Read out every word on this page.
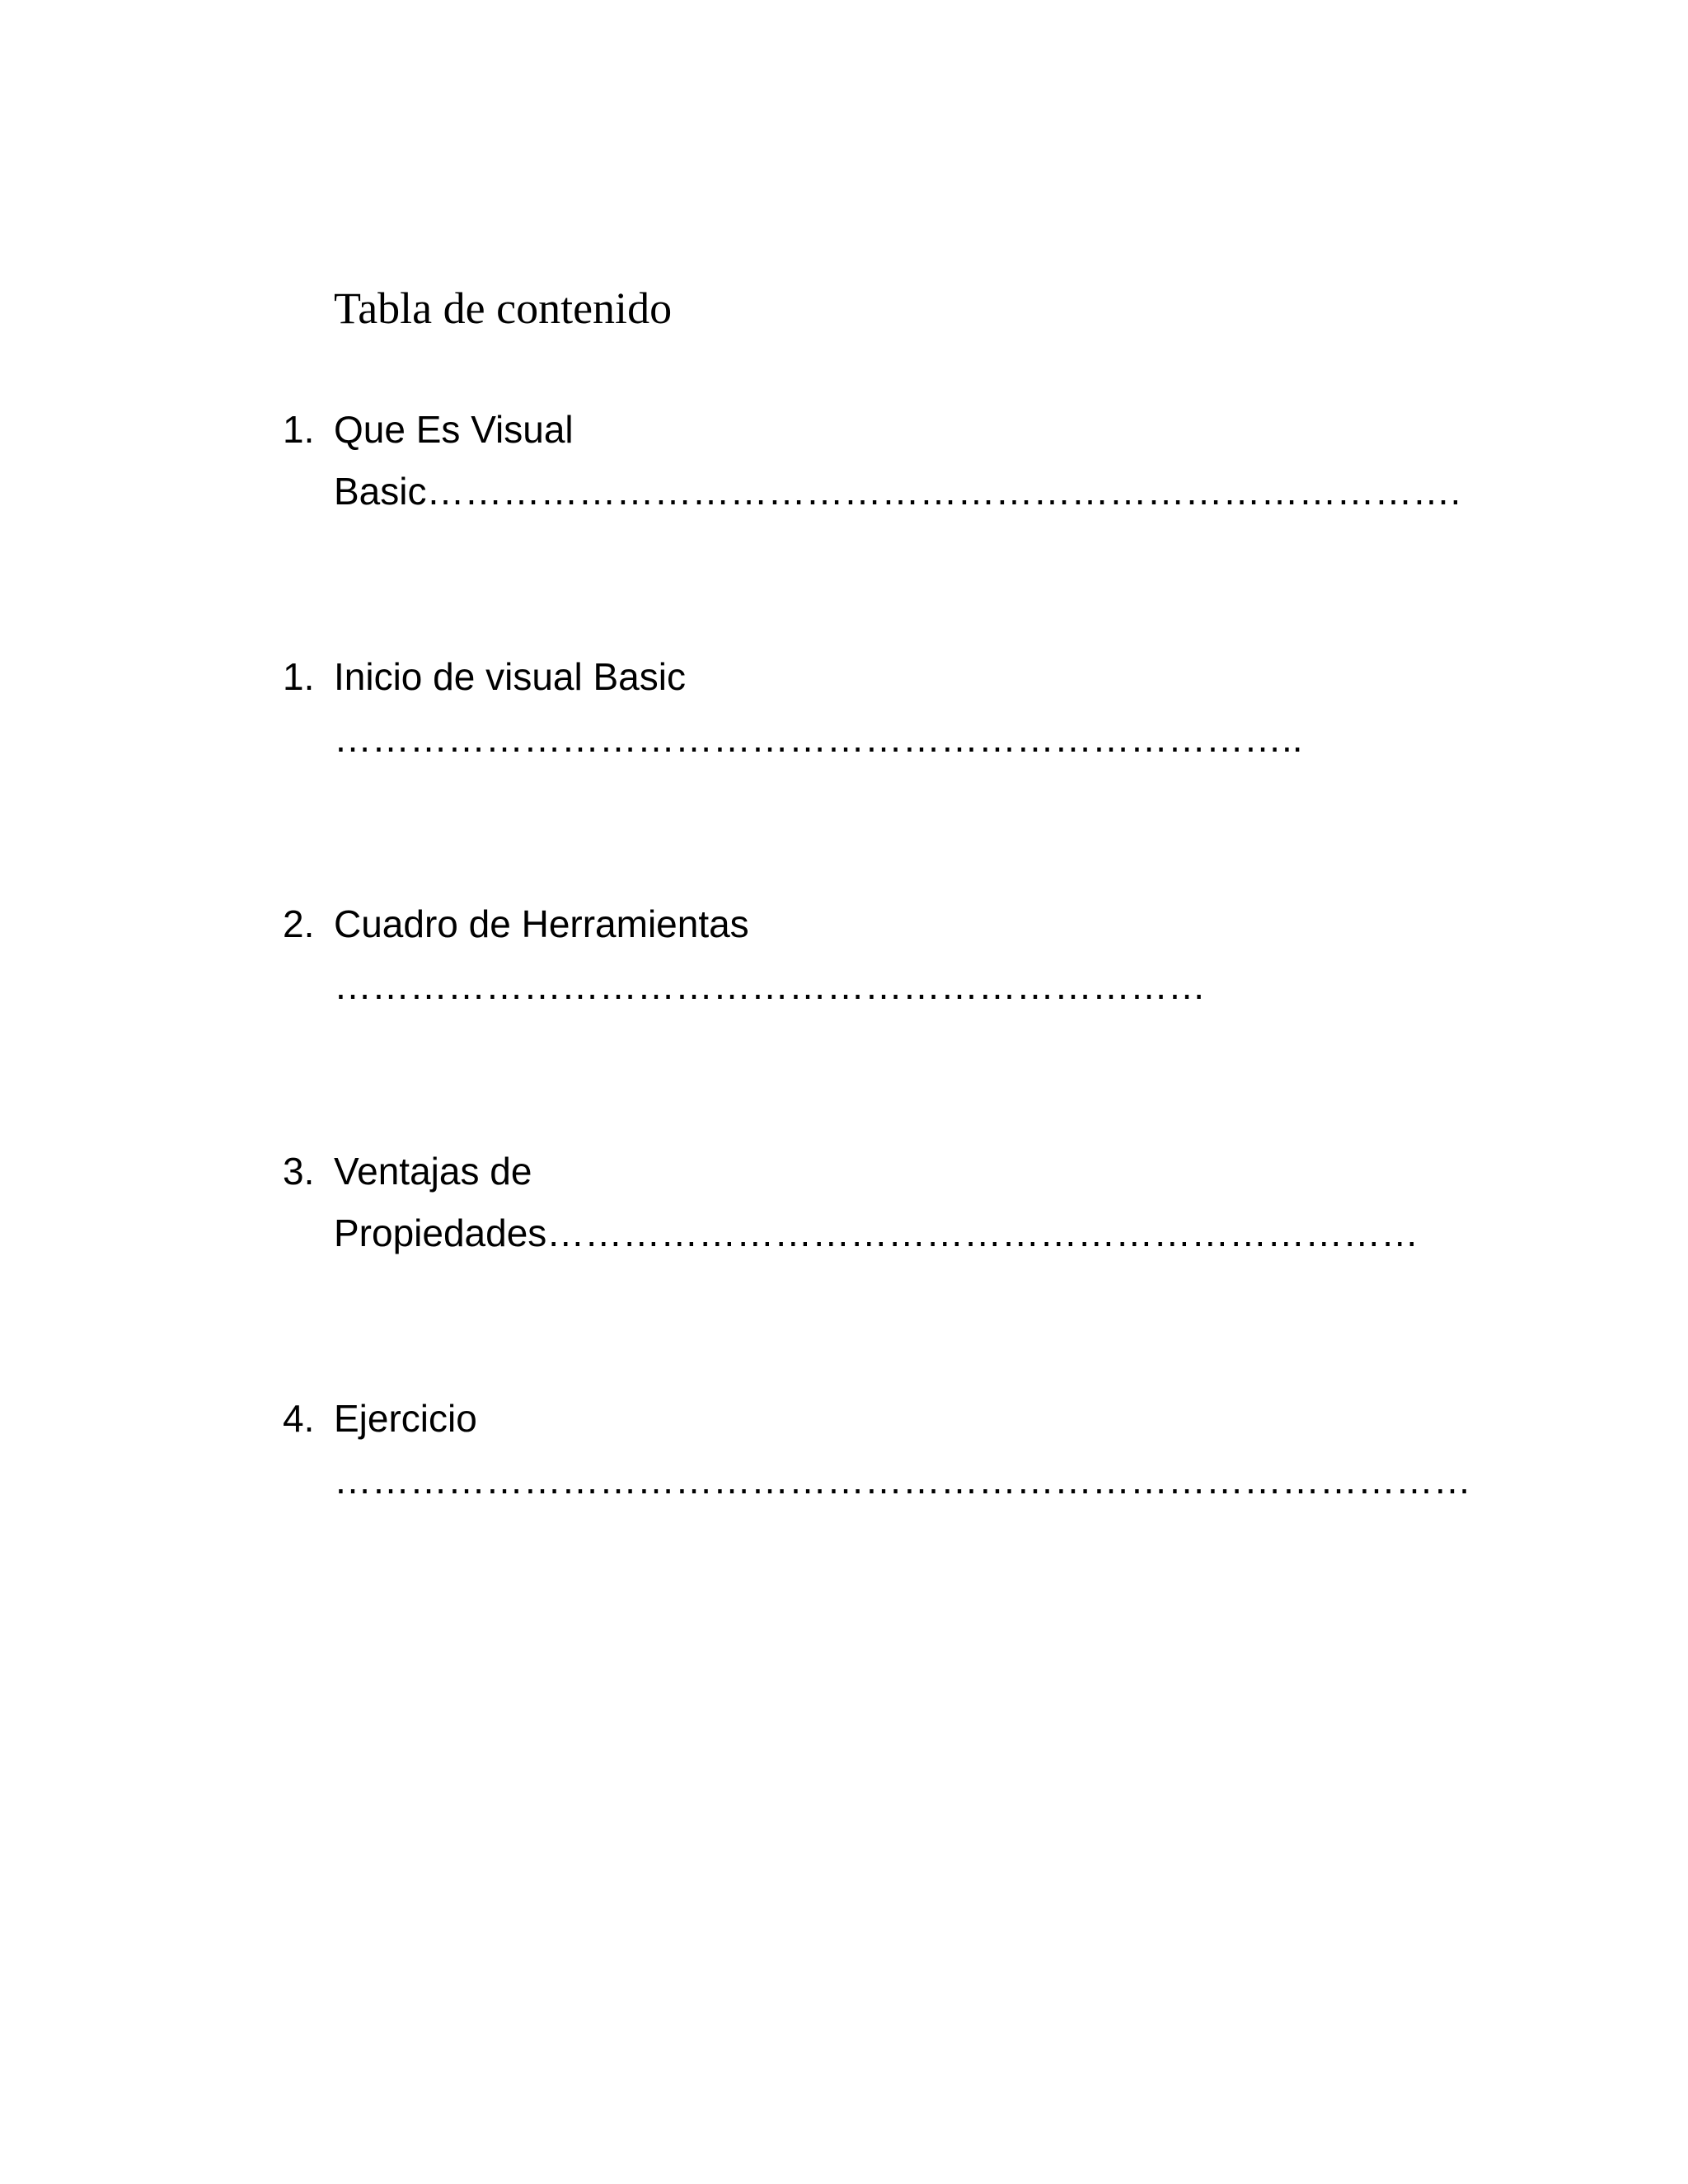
Tabla de contenido
1. Que Es Visual
Basic……………………………………………………………………….
1. Inicio de visual Basic
…………………………………………………………………..
2. Cuadro de Herramientas
……………………………………………………………
3. Ventajas de
Propiedades……………………………………………………………
4. Ejercicio
………………………………………………………………………………
